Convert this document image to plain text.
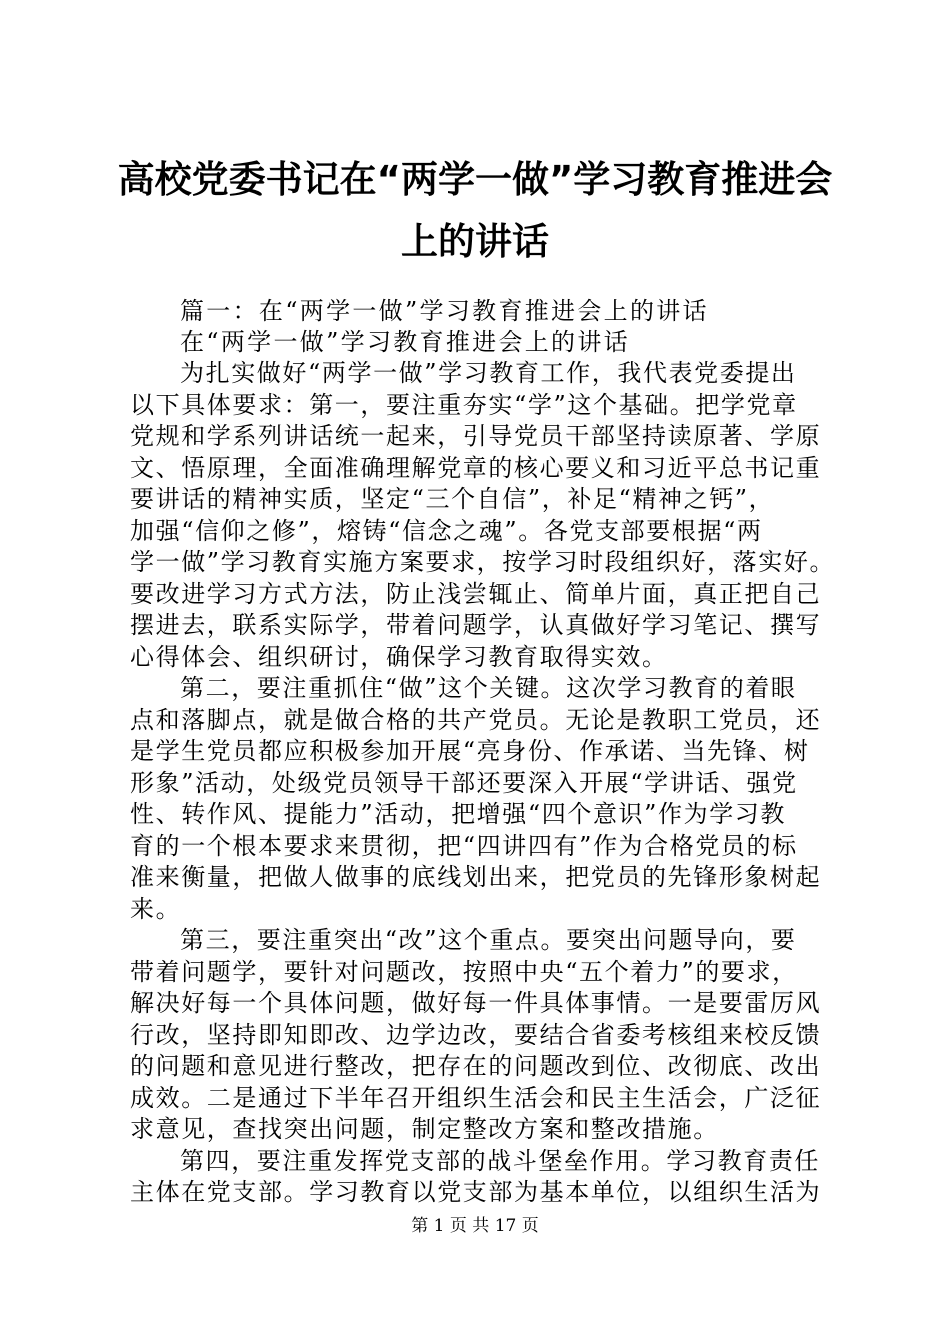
高校党委书记在“两学一做”学习教育推进会
上的讲话
篇一：在“两学一做”学习教育推进会上的讲话
在“两学一做”学习教育推进会上的讲话
为扎实做好“两学一做”学习教育工作，我代表党委提出
以下具体要求：第一，要注重夯实“学”这个基础。把学党章
党规和学系列讲话统一起来，引导党员干部坚持读原著、学原
文、悟原理，全面准确理解党章的核心要义和习近平总书记重
要讲话的精神实质，坚定“三个自信”，补足“精神之钙”，
加强“信仰之修”，熔铸“信念之魂”。各党支部要根据“两
学一做”学习教育实施方案要求，按学习时段组织好，落实好。
要改进学习方式方法，防止浅尝辄止、简单片面，真正把自己
摆进去，联系实际学，带着问题学，认真做好学习笔记、撰写
心得体会、组织研讨，确保学习教育取得实效。
第二，要注重抓住“做”这个关键。这次学习教育的着眼
点和落脚点，就是做合格的共产党员。无论是教职工党员，还
是学生党员都应积极参加开展“亮身份、作承诺、当先锋、树
形象”活动，处级党员领导干部还要深入开展“学讲话、强党
性、转作风、提能力”活动，把增强“四个意识”作为学习教
育的一个根本要求来贯彻，把“四讲四有”作为合格党员的标
准来衡量，把做人做事的底线划出来，把党员的先锋形象树起
来。
第三，要注重突出“改”这个重点。要突出问题导向，要
带着问题学，要针对问题改，按照中央“五个着力”的要求，
解决好每一个具体问题，做好每一件具体事情。一是要雷厉风
行改，坚持即知即改、边学边改，要结合省委考核组来校反馈
的问题和意见进行整改，把存在的问题改到位、改彻底、改出
成效。二是通过下半年召开组织生活会和民主生活会，广泛征
求意见，查找突出问题，制定整改方案和整改措施。
第四，要注重发挥党支部的战斗堡垒作用。学习教育责任
主体在党支部。学习教育以党支部为基本单位，以组织生活为
第 1 页 共 17 页
